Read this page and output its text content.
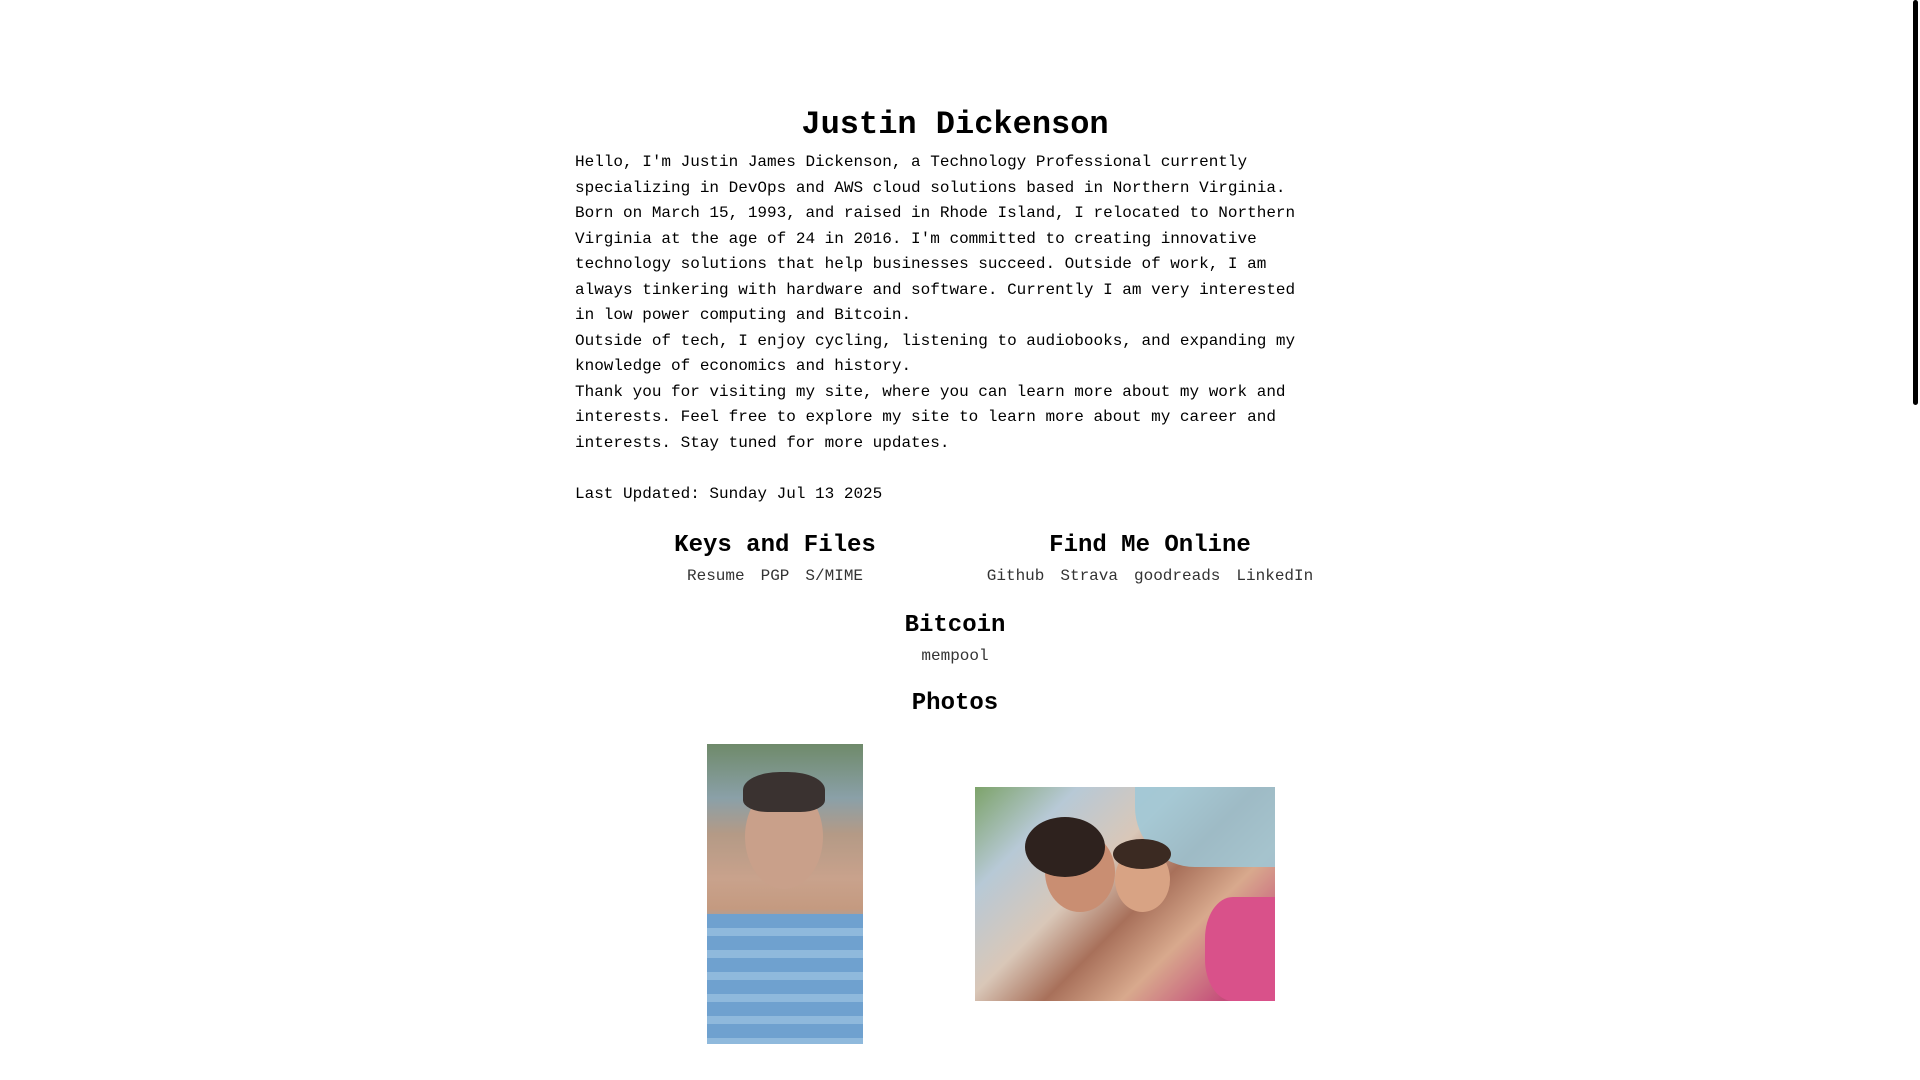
Justin Dickenson

Hello, I'm Justin James Dickenson, a Technology Professional currently
specializing in DevOps and AWS cloud solutions based in Northern Virginia.
Born on March 15, 1993, and raised in Rhode Island, I relocated to Northern
Virginia at the age of 24 in 2016. I'm committed to creating innovative
technology solutions that help businesses succeed. Outside of work, I am
always tinkering with hardware and software. Currently I am very interested
in low power computing and Bitcoin.

Outside of tech, I enjoy cycling, listening to audiobooks, and expanding my
knowledge of economics and history.

Thank you for visiting my site, where you can learn more about my work and
interests. Feel free to explore my site to learn more about my career and
interests. Stay tuned for more updates.

Last Updated: Sunday Jul 13 2025
Keys and Files
Resume PGP S/MIME
Find Me Online
Github Strava goodreads LinkedIn
Bitcoin
mempool
Photos
